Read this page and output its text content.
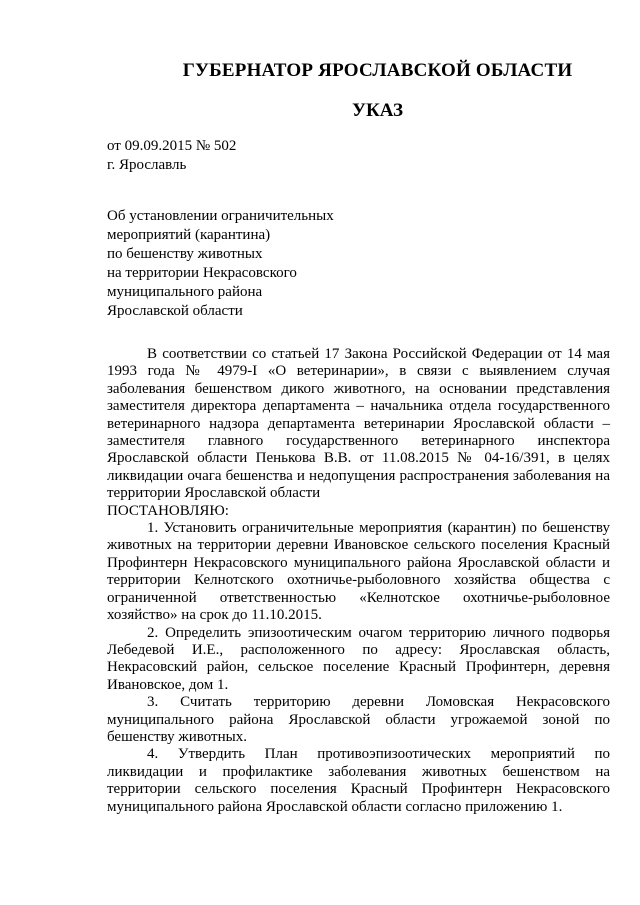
ГУБЕРНАТОР ЯРОСЛАВСКОЙ ОБЛАСТИ
УКАЗ
от 09.09.2015 № 502
г. Ярославль
Об установлении ограничительных
мероприятий (карантина)
по бешенству животных
на территории Некрасовского
муниципального района
Ярославской области

В соответствии со статьей 17 Закона Российской Федерации от 14 мая 1993 года № 4979-I «О ветеринарии», в связи с выявлением случая заболевания бешенством дикого животного, на основании представления заместителя директора департамента – начальника отдела государственного ветеринарного надзора департамента ветеринарии Ярославской области – заместителя главного государственного ветеринарного инспектора Ярославской области Пенькова В.В. от 11.08.2015 № 04-16/391, в целях ликвидации очага бешенства и недопущения распространения заболевания на территории Ярославской области

ПОСТАНОВЛЯЮ:

1. Установить ограничительные мероприятия (карантин) по бешенству животных на территории деревни Ивановское сельского поселения Красный Профинтерн Некрасовского муниципального района Ярославской области и территории Келнотского охотничье-рыболовного хозяйства общества с ограниченной ответственностью «Келнотское охотничье-рыболовное хозяйство» на срок до 11.10.2015.

2. Определить эпизоотическим очагом территорию личного подворья Лебедевой И.Е., расположенного по адресу: Ярославская область, Некрасовский район, сельское поселение Красный Профинтерн, деревня Ивановское, дом 1.

3. Считать территорию деревни Ломовская Некрасовского муниципального района Ярославской области угрожаемой зоной по бешенству животных.

4. Утвердить План противоэпизоотических мероприятий по ликвидации и профилактике заболевания животных бешенством на территории сельского поселения Красный Профинтерн Некрасовского муниципального района Ярославской области согласно приложению 1.
